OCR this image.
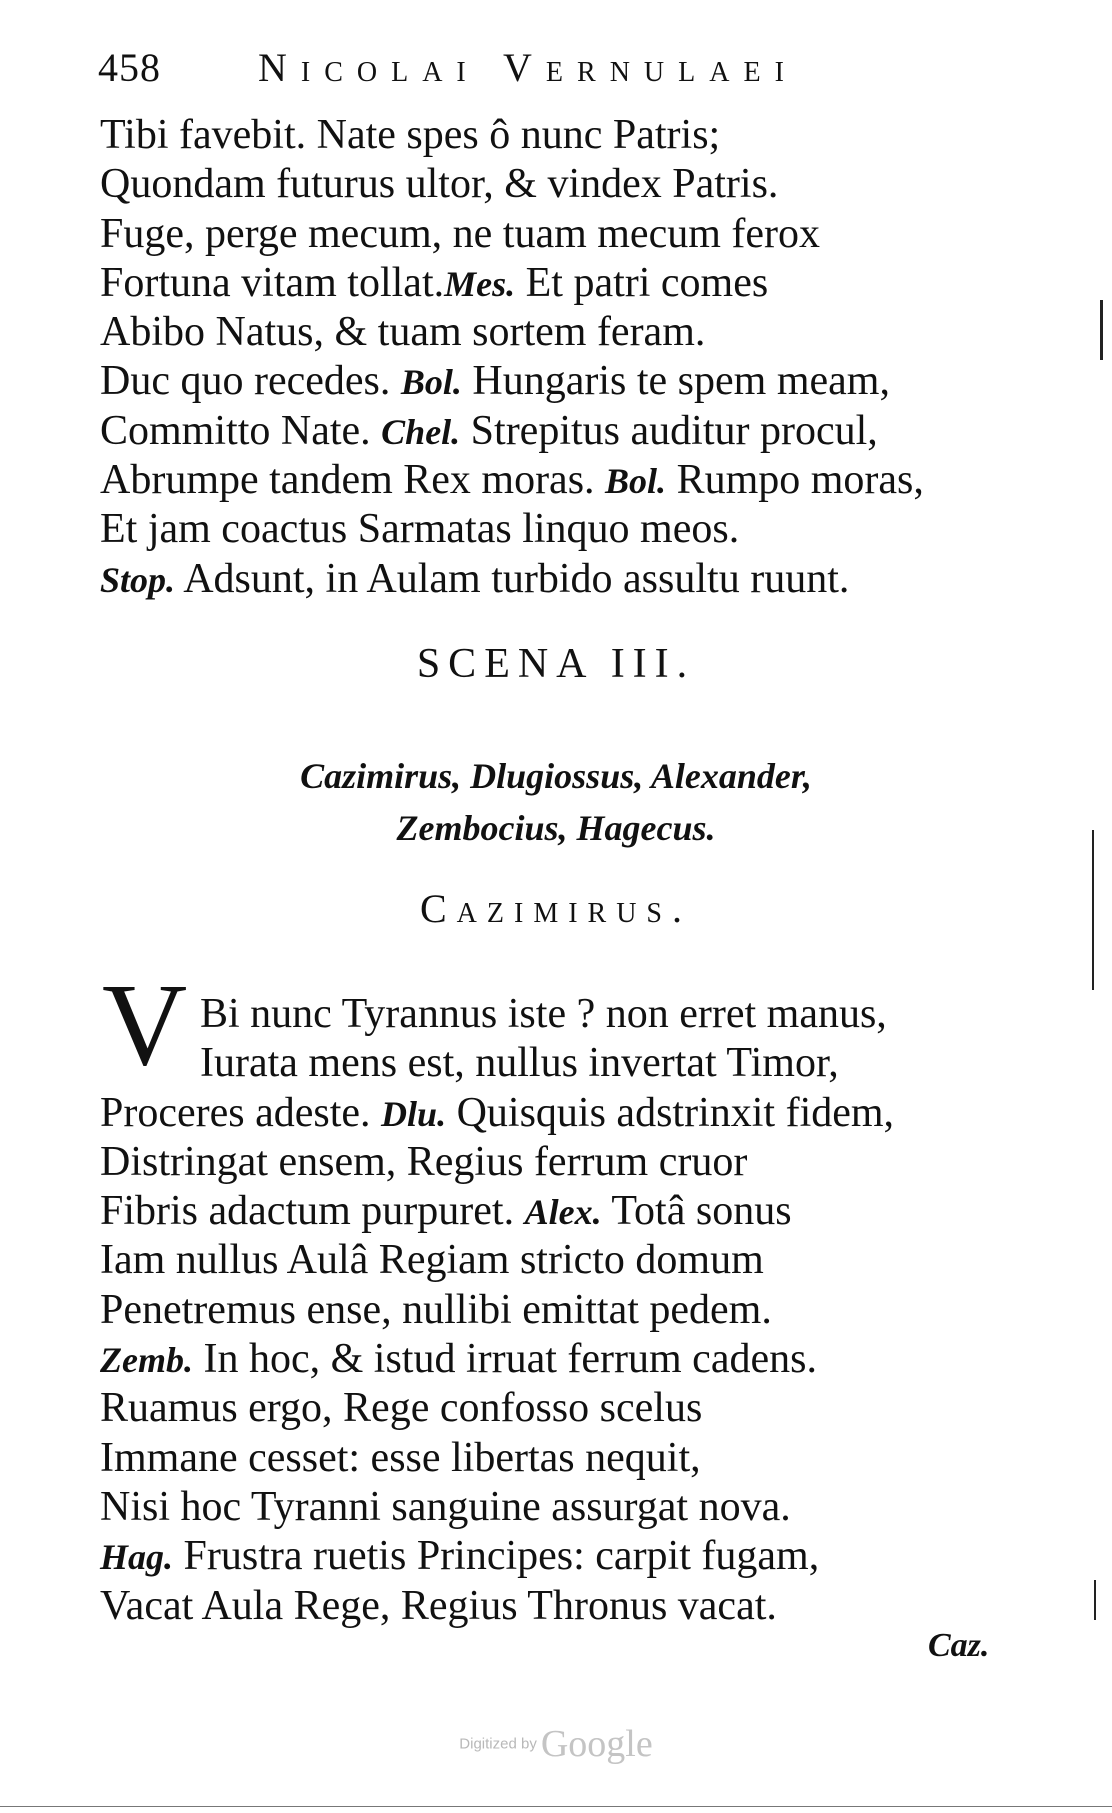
458 Nicolai Vernulaei
Tibi favebit. Nate spes ô nunc Patris;
Quondam futurus ultor, & vindex Patris.
Fuge, perge mecum, ne tuam mecum ferox
Fortuna vitam tollat.Mes. Et patri comes
Abibo Natus, & tuam sortem feram.
Duc quo recedes. Bol. Hungaris te spem meam,
Committo Nate. Chel. Strepitus auditur procul,
Abrumpe tandem Rex moras. Bol. Rumpo moras,
Et jam coactus Sarmatas linquo meos.
Stop. Adsunt, in Aulam turbido assultu ruunt.
SCENA III.
Cazimirus, Dlugiossus, Alexander,
Zembocius, Hagecus.
Cazimirus.
V Bi nunc Tyrannus iste ? non erret manus,
Iurata mens est, nullus invertat Timor,
Proceres adeste. Dlu. Quisquis adstrinxit fidem,
Distringat ensem, Regius ferrum cruor
Fibris adactum purpuret. Alex. Totâ sonus
Iam nullus Aulâ Regiam stricto domum
Penetremus ense, nullibi emittat pedem.
Zemb. In hoc, & istud irruat ferrum cadens.
Ruamus ergo, Rege confosso scelus
Immane cesset: esse libertas nequit,
Nisi hoc Tyranni sanguine assurgat nova.
Hag. Frustra ruetis Principes: carpit fugam,
Vacat Aula Rege, Regius Thronus vacat.
Caz.
Digitized by Google
